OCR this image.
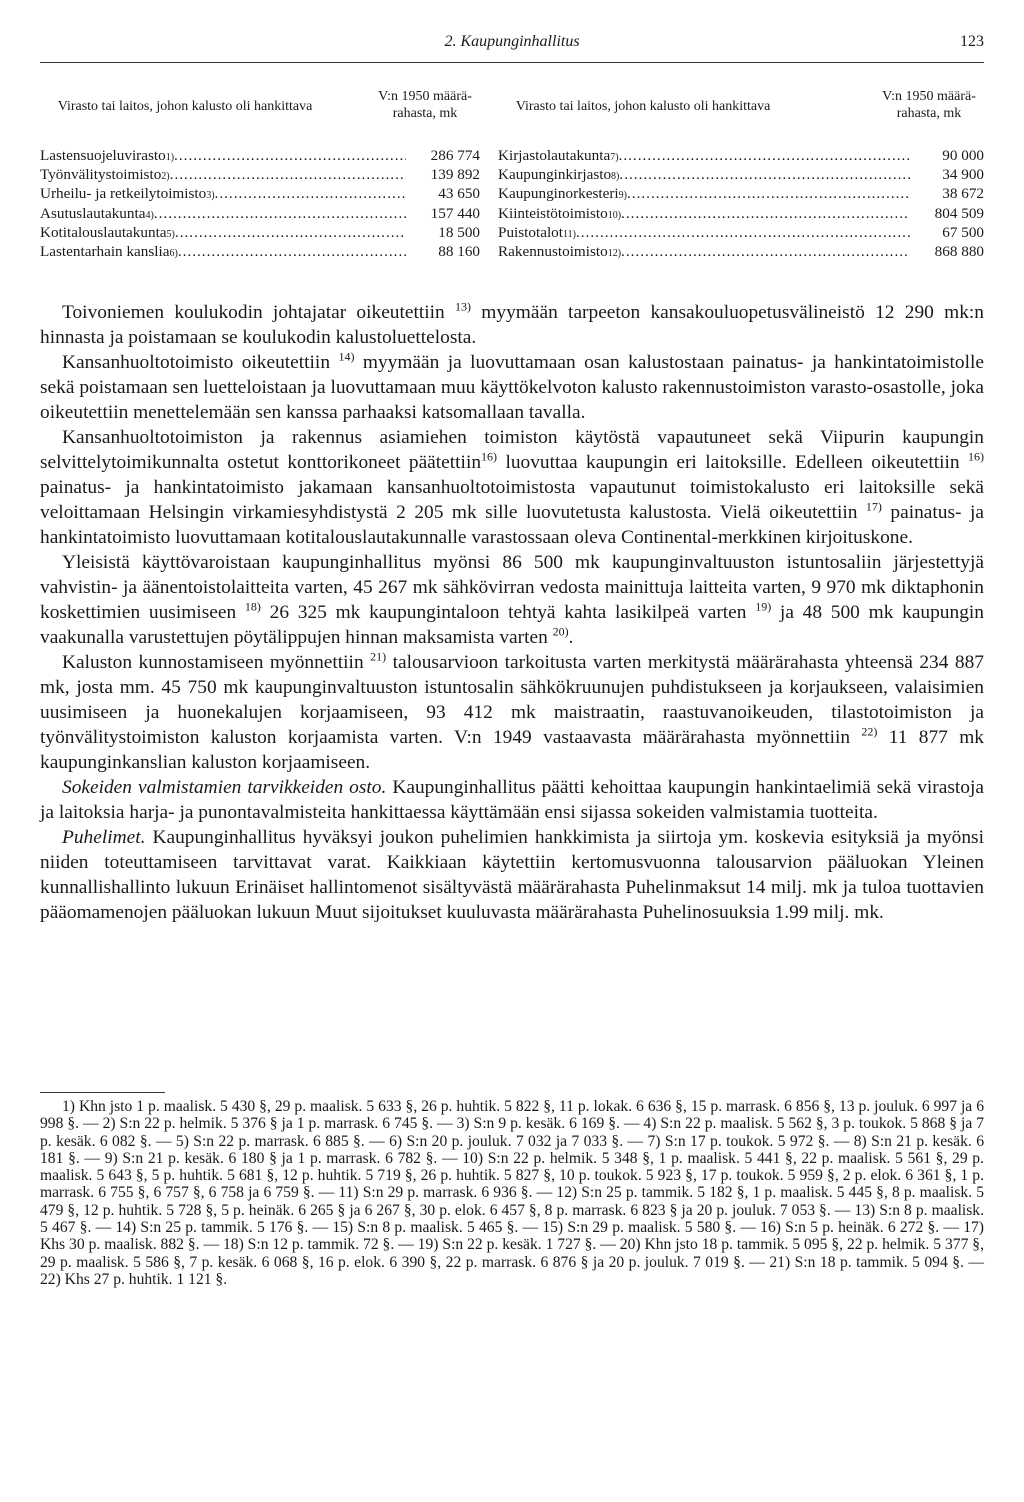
2. Kaupunginhallitus	123
Virasto tai laitos, johon kalusto oli hankittava
V:n 1950 määrä- rahasta, mk
Lastensuojeluvirasto 1) .....	286 774
Työnvälitystoimisto 2) .....	139 892
Urheilu- ja retkeilytoimisto 3) .....	43 650
Asutuslautakunta 4) .....	157 440
Kotitalouslautakunta 5) .....	18 500
Lastentarhain kanslia 6) .....	88 160
Virasto tai laitos, johon kalusto oli hankittava
V:n 1950 määrä- rahasta, mk
Kirjastolautakunta 7) .....	90 000
Kaupunginkirjasto 8) .....	34 900
Kaupunginorkesteri 9) .....	38 672
Kiinteistötoimisto 10) .....	804 509
Puistotalot 11) .....	67 500
Rakennustoimisto 12) .....	868 880

Toivoniemen koulukodin johtajatar oikeutettiin $^{13)}$ myymään tarpeeton kansakouluopetusvälineistö 12 290 mk:n hinnasta ja poistamaan se koulukodin kalustoluettelosta.

Kansanhuoltotoimisto oikeutettiin $^{14)}$ myymään ja luovuttamaan osan kalustostaan painatus- ja hankintatoimistolle sekä poistamaan sen luetteloistaan ja luovuttamaan muu käyttökelvoton kalusto rakennustoimiston varasto-osastolle, joka oikeutettiin menettelemään sen kanssa parhaaksi katsomallaan tavalla.

Kansanhuoltotoimiston ja rakennus asiamiehen toimiston käytöstä vapautuneet sekä Viipurin kaupungin selvittelytoimikunnalta ostetut konttorikoneet päätettiin$^{16)}$ luovuttaa kaupungin eri laitoksille. Edelleen oikeutettiin $^{16)}$ painatus- ja hankintatoimisto jakamaan kansanhuoltotoimistosta vapautunut toimistokalusto eri laitoksille sekä veloittamaan Helsingin virkamiesyhdistystä 2 205 mk sille luovutetusta kalustosta. Vielä oikeutettiin $^{17)}$ painatus- ja hankintatoimisto luovuttamaan kotitalouslautakunnalle varastossaan oleva Continental-merkkinen kirjoituskone.

Yleisistä käyttövaroistaan kaupunginhallitus myönsi 86 500 mk kaupunginvaltuuston istuntosaliin järjestettyjä vahvistin- ja äänentoistolaitteita varten, 45 267 mk sähkövirran vedosta mainittuja laitteita varten, 9 970 mk diktaphonin koskettimien uusimiseen $^{18)}$ 26 325 mk kaupungintaloon tehtyä kahta lasikilpeä varten $^{19)}$ ja 48 500 mk kaupungin vaakunalla varustettujen pöytälippujen hinnan maksamista varten $^{20)}$.

Kaluston kunnostamiseen myönnettiin $^{21)}$ talousarvioon tarkoitusta varten merkitystä määrärahasta yhteensä 234 887 mk, josta mm. 45 750 mk kaupunginvaltuuston istuntosalin sähkökruunujen puhdistukseen ja korjaukseen, valaisimien uusimiseen ja huonekalujen korjaamiseen, 93 412 mk maistraatin, raastuvanoikeuden, tilastotoimiston ja työnvälitystoimiston kaluston korjaamista varten. V:n 1949 vastaavasta määrärahasta myönnettiin $^{22)}$ 11 877 mk kaupunginkanslian kaluston korjaamiseen.

Sokeiden valmistamien tarvikkeiden osto. Kaupunginhallitus päätti kehoittaa kaupungin hankintaelimiä sekä virastoja ja laitoksia harja- ja punontavalmisteita hankittaessa käyttämään ensi sijassa sokeiden valmistamia tuotteita.

Puhelimet. Kaupunginhallitus hyväksyi joukon puhelimien hankkimista ja siirtoja ym. koskevia esityksiä ja myönsi niiden toteuttamiseen tarvittavat varat. Kaikkiaan käytettiin kertomusvuonna talousarvion pääluokan Yleinen kunnallishallinto lukuun Erinäiset hallintomenot sisältyvästä määrärahasta Puhelinmaksut 14 milj. mk ja tuloa tuottavien pääomamenojen pääluokan lukuun Muut sijoitukset kuuluvasta määrärahasta Puhelinosuuksia 1.99 milj. mk.

1) Khn jsto 1 p. maalisk. 5 430 §, 29 p. maalisk. 5 633 §, 26 p. huhtik. 5 822 §, 11 p. lokak. 6 636 §, 15 p. marrask. 6 856 §, 13 p. jouluk. 6 997 ja 6 998 §. — 2) S:n 22 p. helmik. 5 376 § ja 1 p. marrask. 6 745 §. — 3) S:n 9 p. kesäk. 6 169 §. — 4) S:n 22 p. maalisk. 5 562 §, 3 p. toukok. 5 868 § ja 7 p. kesäk. 6 082 §. — 5) S:n 22 p. marrask. 6 885 §. — 6) S:n 20 p. jouluk. 7 032 ja 7 033 §. — 7) S:n 17 p. toukok. 5 972 §. — 8) S:n 21 p. kesäk. 6 181 §. — 9) S:n 21 p. kesäk. 6 180 § ja 1 p. marrask. 6 782 §. — 10) S:n 22 p. helmik. 5 348 §, 1 p. maalisk. 5 441 §, 22 p. maalisk. 5 561 §, 29 p. maalisk. 5 643 §, 5 p. huhtik. 5 681 §, 12 p. huhtik. 5 719 §, 26 p. huhtik. 5 827 §, 10 p. toukok. 5 923 §, 17 p. toukok. 5 959 §, 2 p. elok. 6 361 §, 1 p. marrask. 6 755 §, 6 757 §, 6 758 ja 6 759 §. — 11) S:n 29 p. marrask. 6 936 §. — 12) S:n 25 p. tammik. 5 182 §, 1 p. maalisk. 5 445 §, 8 p. maalisk. 5 479 §, 12 p. huhtik. 5 728 §, 5 p. heinäk. 6 265 § ja 6 267 §, 30 p. elok. 6 457 §, 8 p. marrask. 6 823 § ja 20 p. jouluk. 7 053 §. — 13) S:n 8 p. maalisk. 5 467 §. — 14) S:n 25 p. tammik. 5 176 §. — 15) S:n 8 p. maalisk. 5 465 §. — 15) S:n 29 p. maalisk. 5 580 §. — 16) S:n 5 p. heinäk. 6 272 §. — 17) Khs 30 p. maalisk. 882 §. — 18) S:n 12 p. tammik. 72 §. — 19) S:n 22 p. kesäk. 1 727 §. — 20) Khn jsto 18 p. tammik. 5 095 §, 22 p. helmik. 5 377 §, 29 p. maalisk. 5 586 §, 7 p. kesäk. 6 068 §, 16 p. elok. 6 390 §, 22 p. marrask. 6 876 § ja 20 p. jouluk. 7 019 §. — 21) S:n 18 p. tammik. 5 094 §. — 22) Khs 27 p. huhtik. 1 121 §.
